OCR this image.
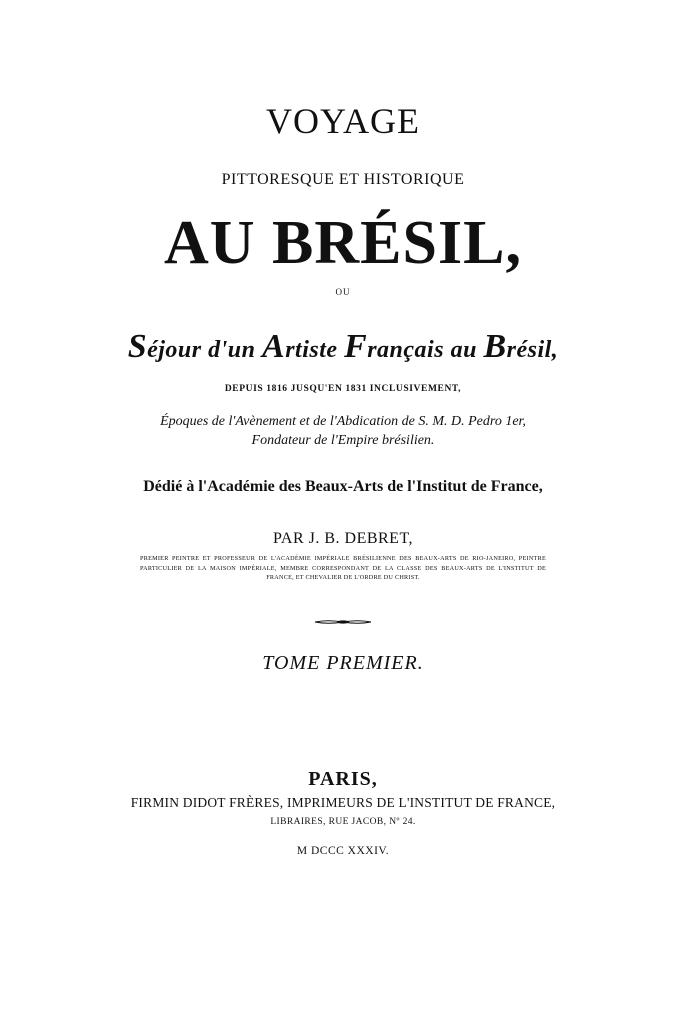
VOYAGE
PITTORESQUE ET HISTORIQUE
AU BRÉSIL,
OU
Séjour d'un Artiste Français au Brésil,
DEPUIS 1816 JUSQU'EN 1831 INCLUSIVEMENT,
Époques de l'Avènement et de l'Abdication de S. M. D. Pedro 1er,
Fondateur de l'Empire brésilien.
Dédié à l'Académie des Beaux-Arts de l'Institut de France,
PAR J. B. DEBRET,
PREMIER PEINTRE ET PROFESSEUR DE L'ACADÉMIE IMPÉRIALE BRÉSILIENNE DES BEAUX-ARTS DE RIO-JANEIRO, PEINTRE PARTICULIER DE LA MAISON IMPÉRIALE, MEMBRE CORRESPONDANT DE LA CLASSE DES BEAUX-ARTS DE L'INSTITUT DE FRANCE, ET CHEVALIER DE L'ORDRE DU CHRIST.
TOME PREMIER.
PARIS,
FIRMIN DIDOT FRÈRES, IMPRIMEURS DE L'INSTITUT DE FRANCE,
LIBRAIRES, RUE JACOB, Nº 24.
M DCCC XXXIV.
